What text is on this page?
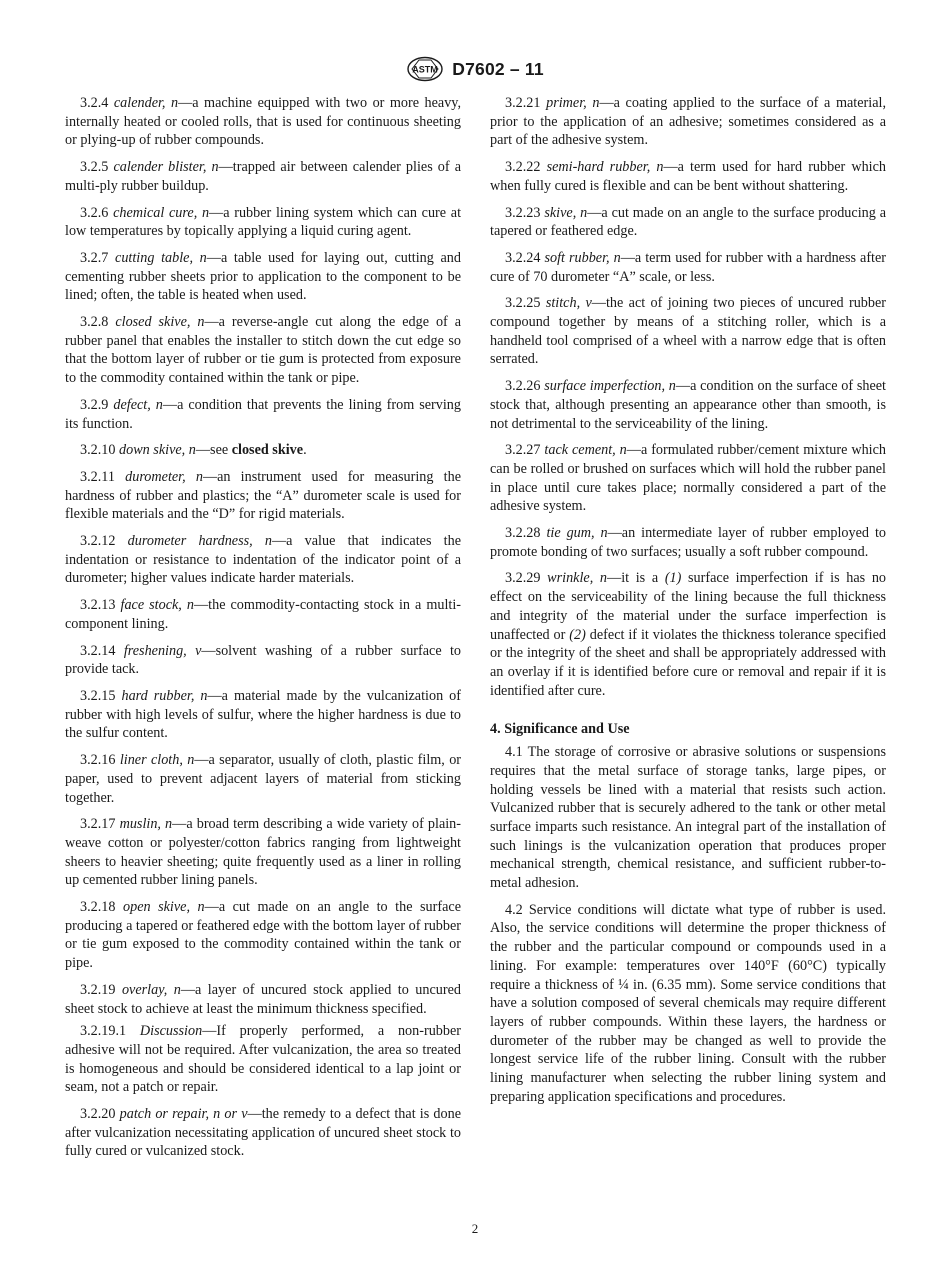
ASTM D7602 – 11

3.2.4 calender, n—a machine equipped with two or more heavy, internally heated or cooled rolls, that is used for continuous sheeting or plying-up of rubber compounds.

3.2.5 calender blister, n—trapped air between calender plies of a multi-ply rubber buildup.

3.2.6 chemical cure, n—a rubber lining system which can cure at low temperatures by topically applying a liquid curing agent.

3.2.7 cutting table, n—a table used for laying out, cutting and cementing rubber sheets prior to application to the component to be lined; often, the table is heated when used.

3.2.8 closed skive, n—a reverse-angle cut along the edge of a rubber panel that enables the installer to stitch down the cut edge so that the bottom layer of rubber or tie gum is protected from exposure to the commodity contained within the tank or pipe.

3.2.9 defect, n—a condition that prevents the lining from serving its function.

3.2.10 down skive, n—see closed skive.

3.2.11 durometer, n—an instrument used for measuring the hardness of rubber and plastics; the “A” durometer scale is used for flexible materials and the “D” for rigid materials.

3.2.12 durometer hardness, n—a value that indicates the indentation or resistance to indentation of the indicator point of a durometer; higher values indicate harder materials.

3.2.13 face stock, n—the commodity-contacting stock in a multi-component lining.

3.2.14 freshening, v—solvent washing of a rubber surface to provide tack.

3.2.15 hard rubber, n—a material made by the vulcanization of rubber with high levels of sulfur, where the higher hardness is due to the sulfur content.

3.2.16 liner cloth, n—a separator, usually of cloth, plastic film, or paper, used to prevent adjacent layers of material from sticking together.

3.2.17 muslin, n—a broad term describing a wide variety of plain-weave cotton or polyester/cotton fabrics ranging from lightweight sheers to heavier sheeting; quite frequently used as a liner in rolling up cemented rubber lining panels.

3.2.18 open skive, n—a cut made on an angle to the surface producing a tapered or feathered edge with the bottom layer of rubber or tie gum exposed to the commodity contained within the tank or pipe.

3.2.19 overlay, n—a layer of uncured stock applied to uncured sheet stock to achieve at least the minimum thickness specified.

3.2.19.1 Discussion—If properly performed, a non-rubber adhesive will not be required. After vulcanization, the area so treated is homogeneous and should be considered identical to a lap joint or seam, not a patch or repair.

3.2.20 patch or repair, n or v—the remedy to a defect that is done after vulcanization necessitating application of uncured sheet stock to fully cured or vulcanized stock.

3.2.21 primer, n—a coating applied to the surface of a material, prior to the application of an adhesive; sometimes considered as a part of the adhesive system.

3.2.22 semi-hard rubber, n—a term used for hard rubber which when fully cured is flexible and can be bent without shattering.

3.2.23 skive, n—a cut made on an angle to the surface producing a tapered or feathered edge.

3.2.24 soft rubber, n—a term used for rubber with a hardness after cure of 70 durometer “A” scale, or less.

3.2.25 stitch, v—the act of joining two pieces of uncured rubber compound together by means of a stitching roller, which is a handheld tool comprised of a wheel with a narrow edge that is often serrated.

3.2.26 surface imperfection, n—a condition on the surface of sheet stock that, although presenting an appearance other than smooth, is not detrimental to the serviceability of the lining.

3.2.27 tack cement, n—a formulated rubber/cement mixture which can be rolled or brushed on surfaces which will hold the rubber panel in place until cure takes place; normally considered a part of the adhesive system.

3.2.28 tie gum, n—an intermediate layer of rubber employed to promote bonding of two surfaces; usually a soft rubber compound.

3.2.29 wrinkle, n—it is a (1) surface imperfection if is has no effect on the serviceability of the lining because the full thickness and integrity of the material under the surface imperfection is unaffected or (2) defect if it violates the thickness tolerance specified or the integrity of the sheet and shall be appropriately addressed with an overlay if it is identified before cure or removal and repair if it is identified after cure.

4. Significance and Use

4.1 The storage of corrosive or abrasive solutions or suspensions requires that the metal surface of storage tanks, large pipes, or holding vessels be lined with a material that resists such action. Vulcanized rubber that is securely adhered to the tank or other metal surface imparts such resistance. An integral part of the installation of such linings is the vulcanization operation that produces proper mechanical strength, chemical resistance, and sufficient rubber-to-metal adhesion.

4.2 Service conditions will dictate what type of rubber is used. Also, the service conditions will determine the proper thickness of the rubber and the particular compound or compounds used in a lining. For example: temperatures over 140°F (60°C) typically require a thickness of ¼ in. (6.35 mm). Some service conditions that have a solution composed of several chemicals may require different layers of rubber compounds. Within these layers, the hardness or durometer of the rubber may be changed as well to provide the longest service life of the rubber lining. Consult with the rubber lining manufacturer when selecting the rubber lining system and preparing application specifications and procedures.

2
